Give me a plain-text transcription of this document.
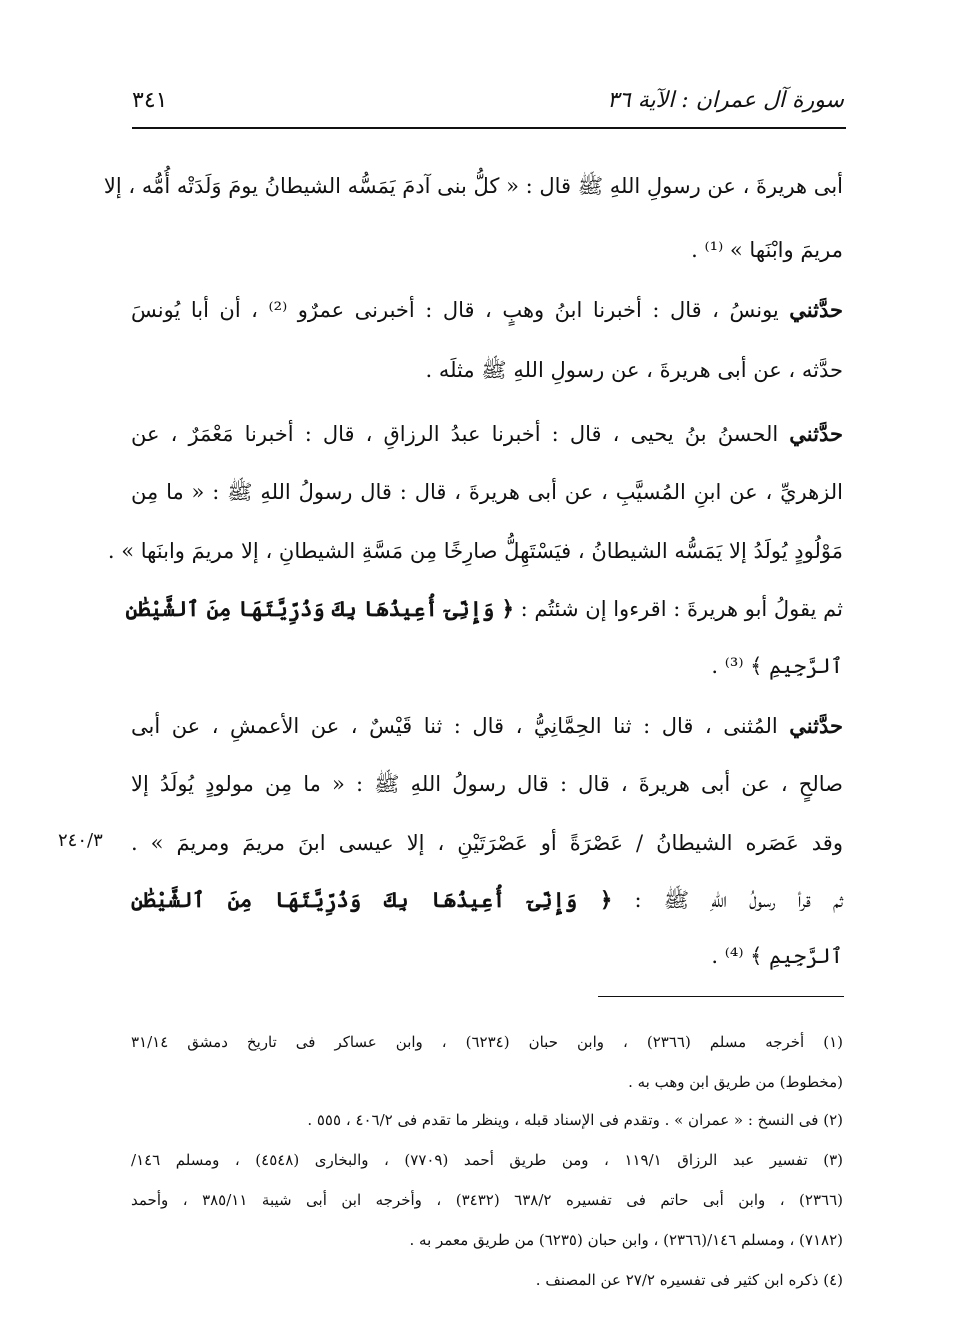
سورة آل عمران : الآية ٣٦
٣٤١
أبى هريرةَ ، عن رسولِ اللهِ ﷺ قال : « كلُّ بنى آدمَ يَمَسُّه الشيطانُ يومَ وَلَدَتْه أُمُّه ، إلا
مريمَ وابْنَها » ⁽¹⁾ .
حدَّثني يونسُ ، قال : أخبرنا ابنُ وهبٍ ، قال : أخبرنى عمرٌو ⁽²⁾ ، أن أبا يُونسَ
حدَّثه ، عن أبى هريرةَ ، عن رسولِ اللهِ ﷺ مثلَه .
حدَّثني الحسنُ بنُ يحيى ، قال : أخبرنا عبدُ الرزاقِ ، قال : أخبرنا مَعْمَرٌ ، عن
الزهريِّ ، عن ابنِ المُسيَّبِ ، عن أبى هريرةَ ، قال : قال رسولُ اللهِ ﷺ : « ما مِن
مَوْلُودٍ يُولَدُ إلا يَمَسُّه الشيطانُ ، فيَسْتَهِلُّ صارِخًا مِن مَسَّةِ الشيطانِ ، إلا مريمَ وابنَها » .
ثم يقولُ أبو هريرةَ : اقرءوا إن شئتُم : ﴿ وَإِنِّىٓ أُعِيذُهَا بِكَ وَذُرِّيَّتَهَا مِنَ ٱلشَّيْطَٰنِ
ٱلرَّجِيمِ ﴾ ⁽³⁾ .
حدَّثني المُثنى ، قال : ثنا الحِمَّانِيُّ ، قال : ثنا قَيْسٌ ، عن الأعمشِ ، عن أبى
صالحٍ ، عن أبى هريرةَ ، قال : قال رسولُ اللهِ ﷺ : « ما مِن مولودٍ يُولَدُ إلا
وقد عَصَره الشيطانُ / عَصْرَةً أو عَصْرَتَيْنِ ، إلا عيسى ابنَ مريمَ ومريمَ » .
٢٤٠/٣
ثم قرأ رسولُ اللهِ ﷺ : ﴿ وَإِنِّىٓ أُعِيذُهَا بِكَ وَذُرِّيَّتَهَا مِنَ ٱلشَّيْطَٰنِ
ٱلرَّجِيمِ ﴾ ⁽⁴⁾ .
(١) أخرجه مسلم (٢٣٦٦) ، وابن حبان (٦٢٣٤) ، وابن عساكر فى تاريخ دمشق ٣١/١٤
(مخطوط) من طريق ابن وهب به .
(٢) فى النسخ : « عمران » . وتقدم فى الإسناد قبله ، وينظر ما تقدم فى ٤٠٦/٢ ، ٥٥٥ .
(٣) تفسير عبد الرزاق ١١٩/١ ، ومن طريق أحمد (٧٧٠٩) ، والبخارى (٤٥٤٨) ، ومسلم ١٤٦/
(٢٣٦٦) ، وابن أبى حاتم فى تفسيره ٦٣٨/٢ (٣٤٣٢) ، وأخرجه ابن أبى شيبة ٣٨٥/١١ ، وأحمد
(٧١٨٢) ، ومسلم ١٤٦/(٢٣٦٦) ، وابن حبان (٦٢٣٥) من طريق معمر به .
(٤) ذكره ابن كثير فى تفسيره ٢٧/٢ عن المصنف .
